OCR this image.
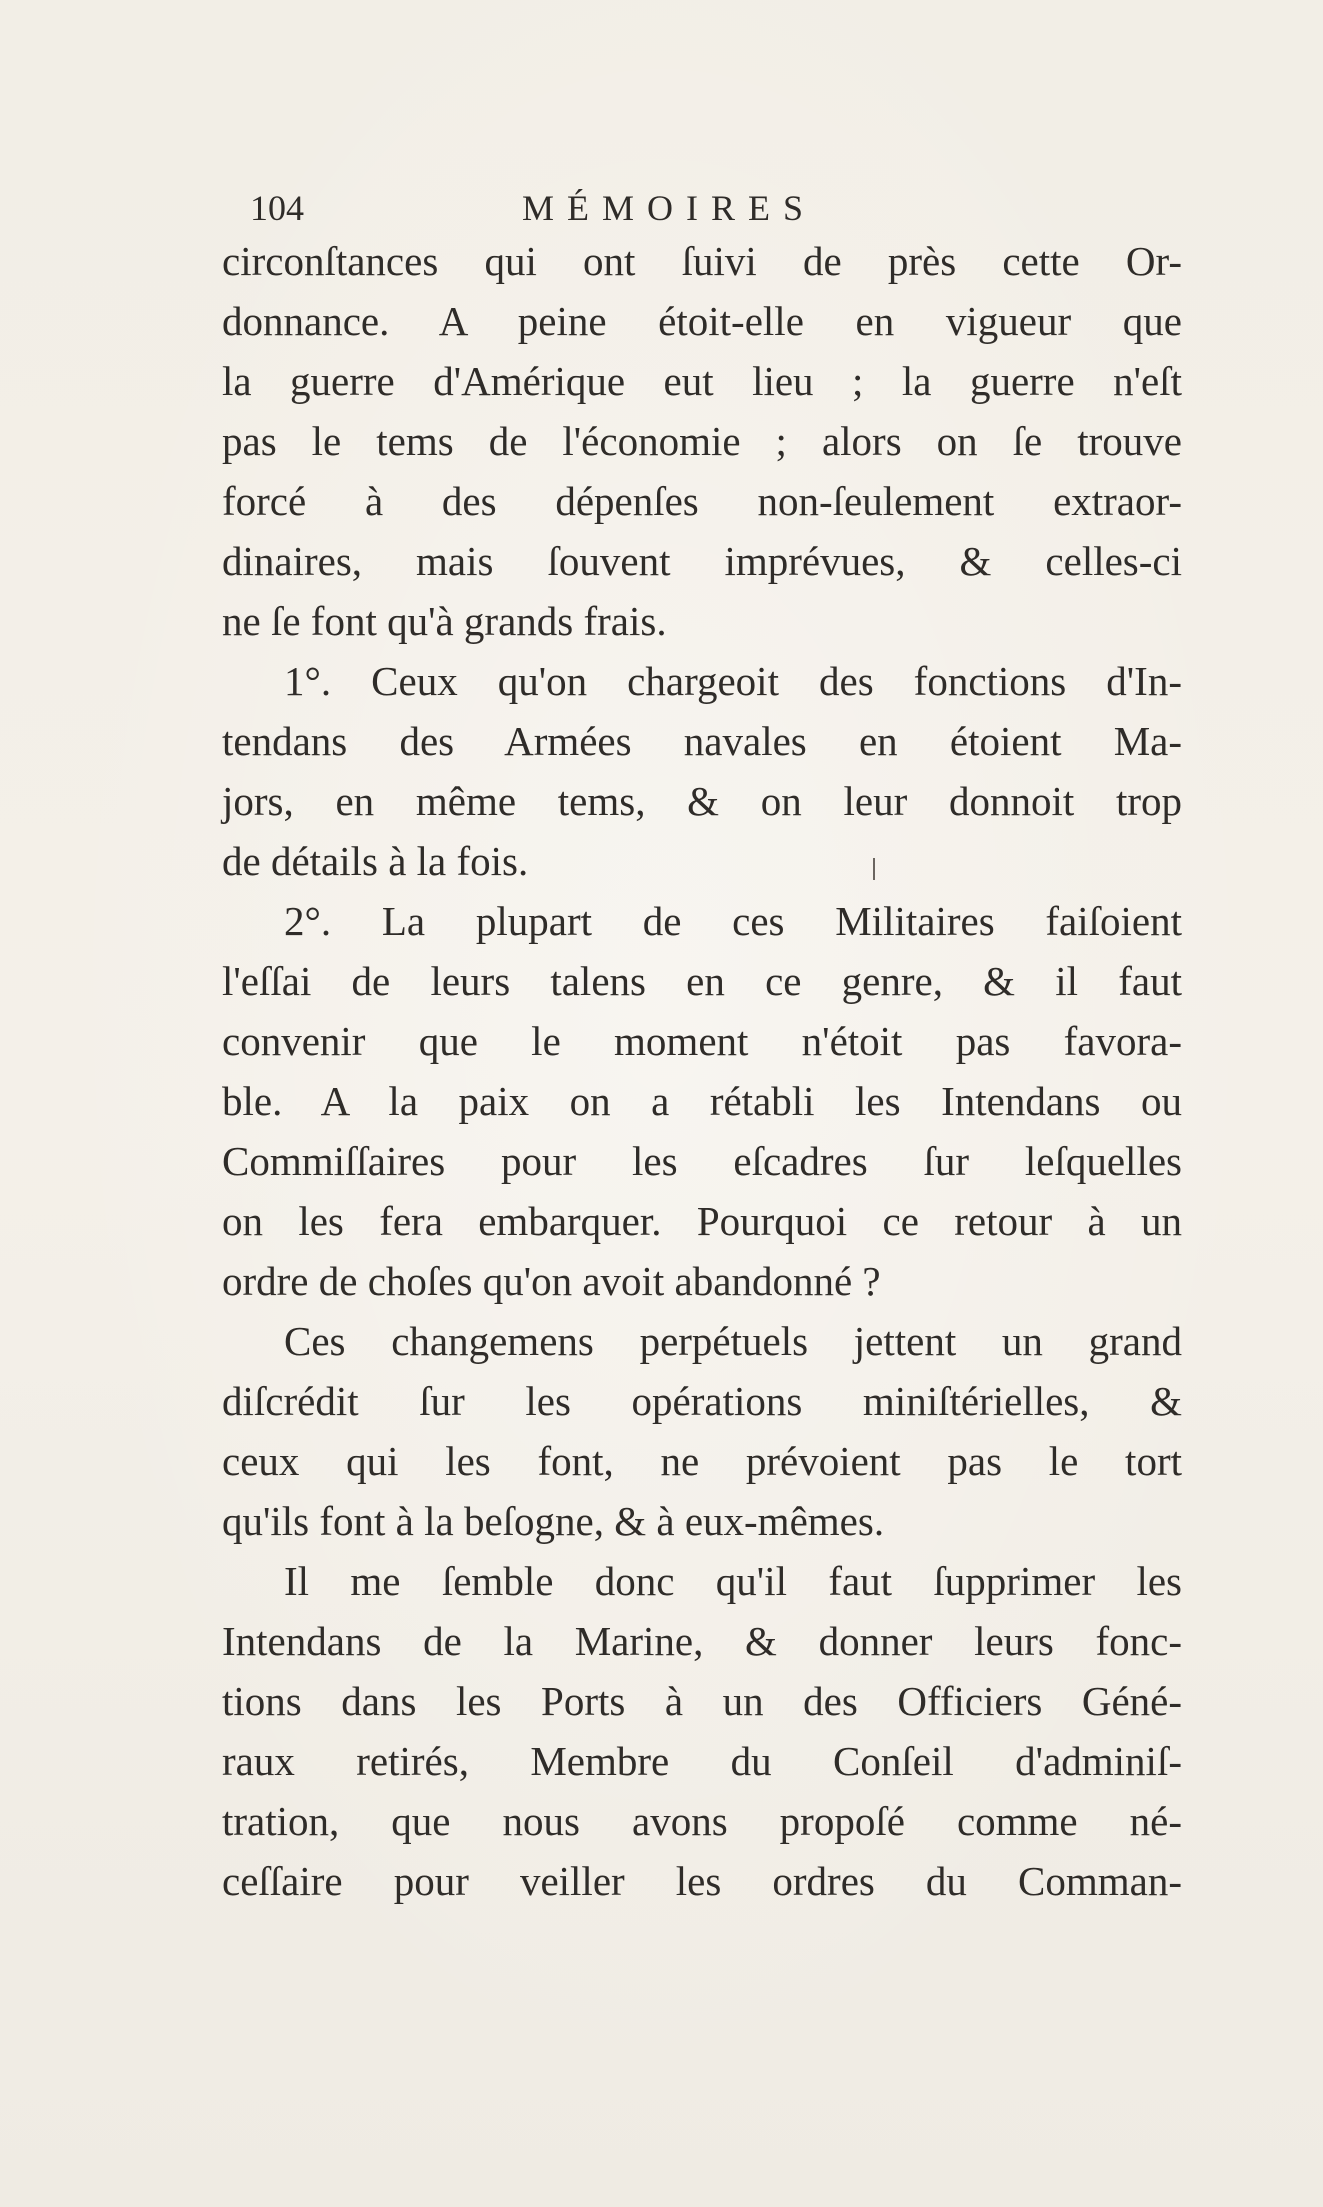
104	MÉMOIRES
circonſtances qui ont ſuivi de près cette Or-
donnance. A peine étoit-elle en vigueur que
la guerre d'Amérique eut lieu ; la guerre n'eſt
pas le tems de l'économie ; alors on ſe trouve
forcé à des dépenſes non-ſeulement extraor-
dinaires, mais ſouvent imprévues, & celles-ci
ne ſe font qu'à grands frais.
1°. Ceux qu'on chargeoit des fonctions d'In-
tendans des Armées navales en étoient Ma-
jors, en même tems, & on leur donnoit trop
de détails à la fois.
2°. La plupart de ces Militaires faiſoient
l'eſſai de leurs talens en ce genre, & il faut
convenir que le moment n'étoit pas favora-
ble. A la paix on a rétabli les Intendans ou
Commiſſaires pour les eſcadres ſur leſquelles
on les fera embarquer. Pourquoi ce retour à un
ordre de choſes qu'on avoit abandonné ?
Ces changemens perpétuels jettent un grand
diſcrédit ſur les opérations miniſtérielles, &
ceux qui les font, ne prévoient pas le tort
qu'ils font à la beſogne, & à eux-mêmes.
Il me ſemble donc qu'il faut ſupprimer les
Intendans de la Marine, & donner leurs fonc-
tions dans les Ports à un des Officiers Géné-
raux retirés, Membre du Conſeil d'adminiſ-
tration, que nous avons propoſé comme né-
ceſſaire pour veiller les ordres du Comman-
